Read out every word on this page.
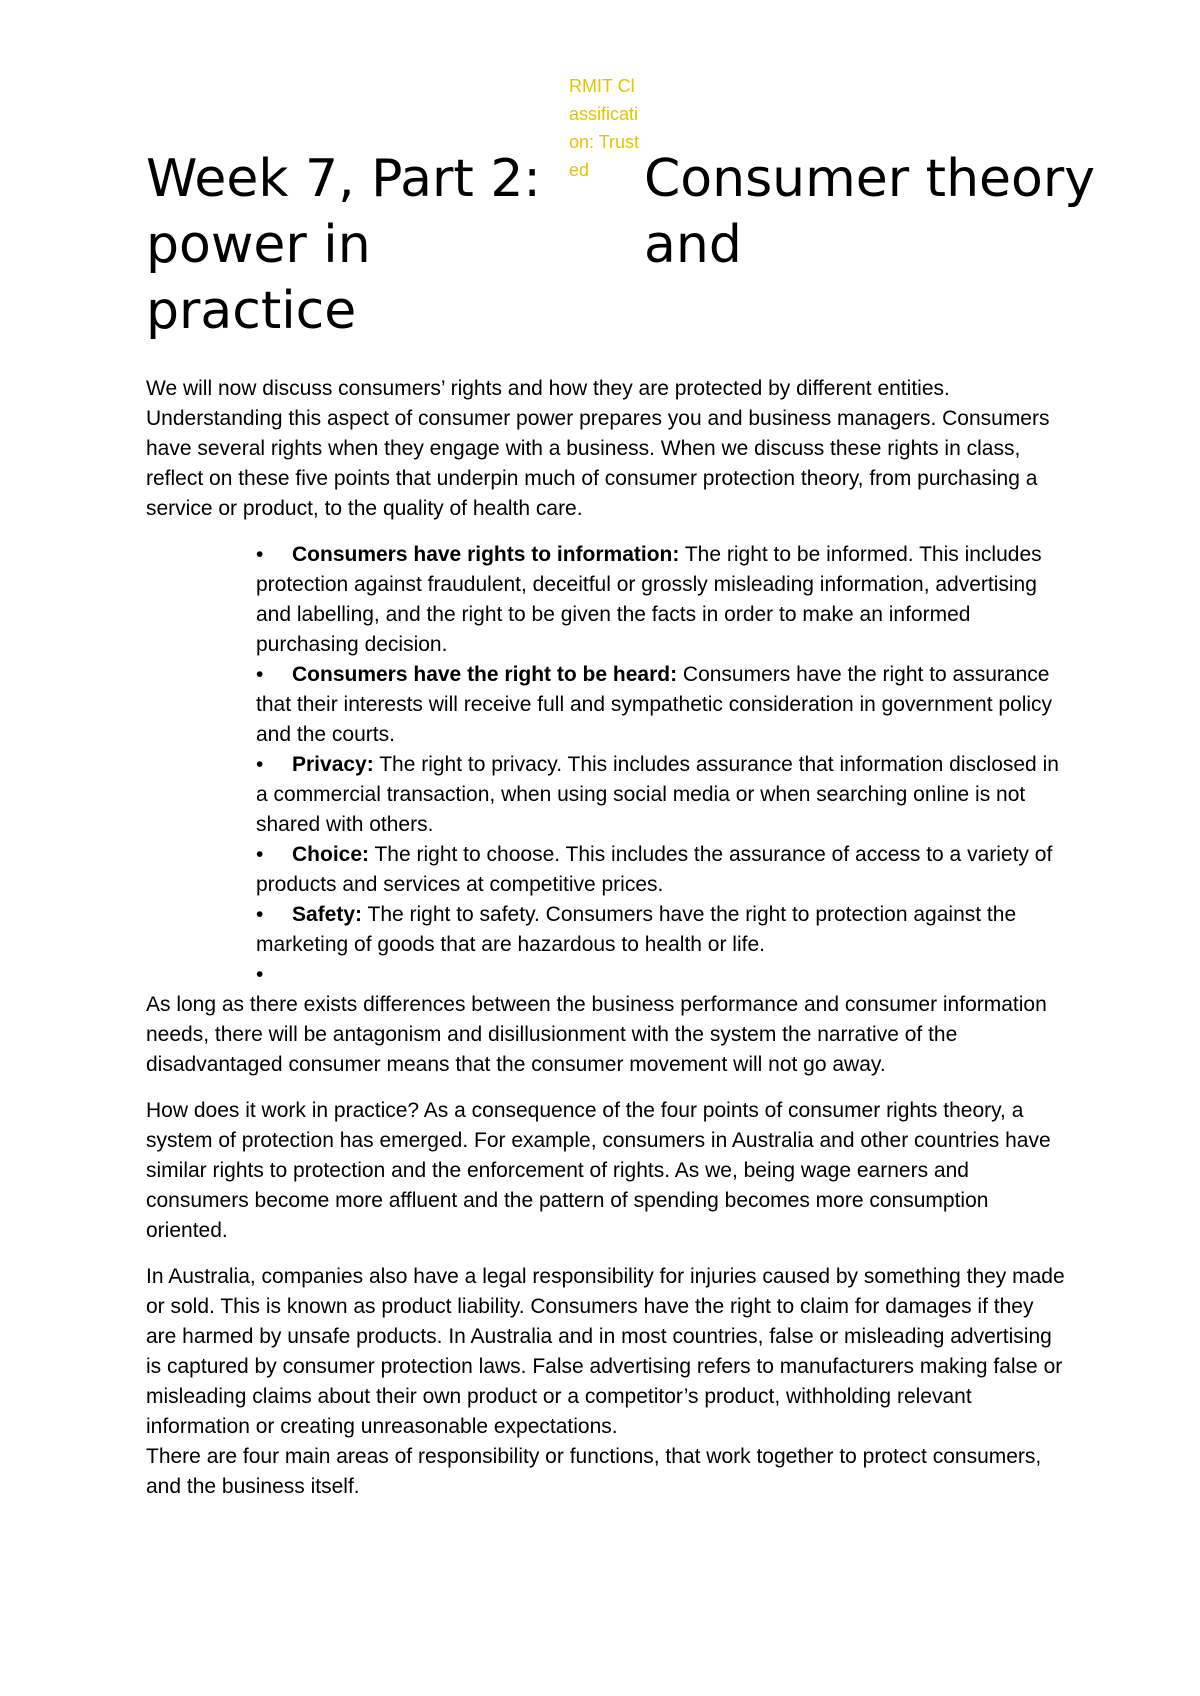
RMIT Classification: Trusted
Week 7, Part 2: power in practice
Consumer theory and

We will now discuss consumers’ rights and how they are protected by different entities. Understanding this aspect of consumer power prepares you and business managers. Consumers have several rights when they engage with a business. When we discuss these rights in class, reflect on these five points that underpin much of consumer protection theory, from purchasing a service or product, to the quality of health care.

•	Consumers have rights to information: The right to be informed. This includes protection against fraudulent, deceitful or grossly misleading information, advertising and labelling, and the right to be given the facts in order to make an informed purchasing decision.
•	Consumers have the right to be heard: Consumers have the right to assurance that their interests will receive full and sympathetic consideration in government policy and the courts.
•	Privacy: The right to privacy. This includes assurance that information disclosed in a commercial transaction, when using social media or when searching online is not shared with others.
•	Choice: The right to choose. This includes the assurance of access to a variety of products and services at competitive prices.
•	Safety: The right to safety. Consumers have the right to protection against the marketing of goods that are hazardous to health or life.
•

As long as there exists differences between the business performance and consumer information needs, there will be antagonism and disillusionment with the system the narrative of the disadvantaged consumer means that the consumer movement will not go away.

How does it work in practice? As a consequence of the four points of consumer rights theory, a system of protection has emerged. For example, consumers in Australia and other countries have similar rights to protection and the enforcement of rights. As we, being wage earners and consumers become more affluent and the pattern of spending becomes more consumption oriented.

In Australia, companies also have a legal responsibility for injuries caused by something they made or sold. This is known as product liability. Consumers have the right to claim for damages if they are harmed by unsafe products. In Australia and in most countries, false or misleading advertising is captured by consumer protection laws. False advertising refers to manufacturers making false or misleading claims about their own product or a competitor’s product, withholding relevant information or creating unreasonable expectations.

There are four main areas of responsibility or functions, that work together to protect consumers, and the business itself.
